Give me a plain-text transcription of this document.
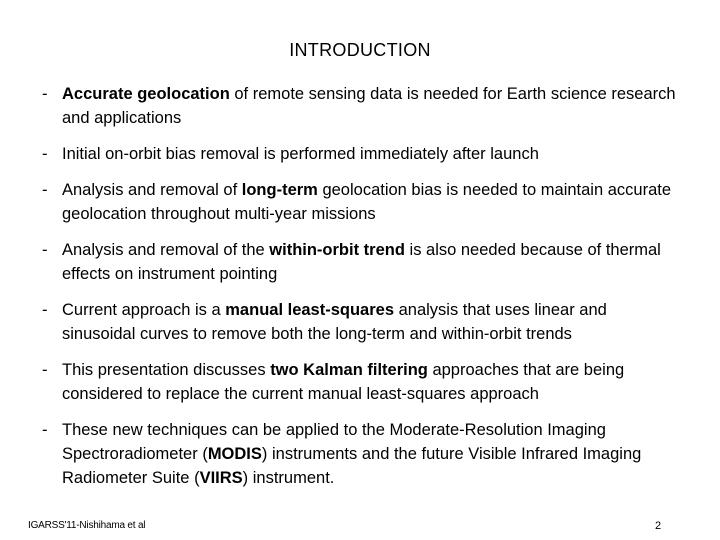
INTRODUCTION
- Accurate geolocation of remote sensing data is needed for Earth science research and applications
- Initial on-orbit bias removal is performed immediately after launch
- Analysis and removal of long-term geolocation bias is needed to maintain accurate geolocation throughout multi-year missions
- Analysis and removal of the within-orbit trend is also needed because of thermal effects on instrument pointing
- Current approach is a manual least-squares analysis that uses linear and sinusoidal curves to remove both the long-term and within-orbit trends
- This presentation discusses two Kalman filtering approaches that are being considered to replace the current manual least-squares approach
- These new techniques can be applied to the Moderate-Resolution Imaging Spectroradiometer (MODIS) instruments and the future Visible Infrared Imaging Radiometer Suite (VIIRS) instrument.
IGARSS'11-Nishihama et al	2
